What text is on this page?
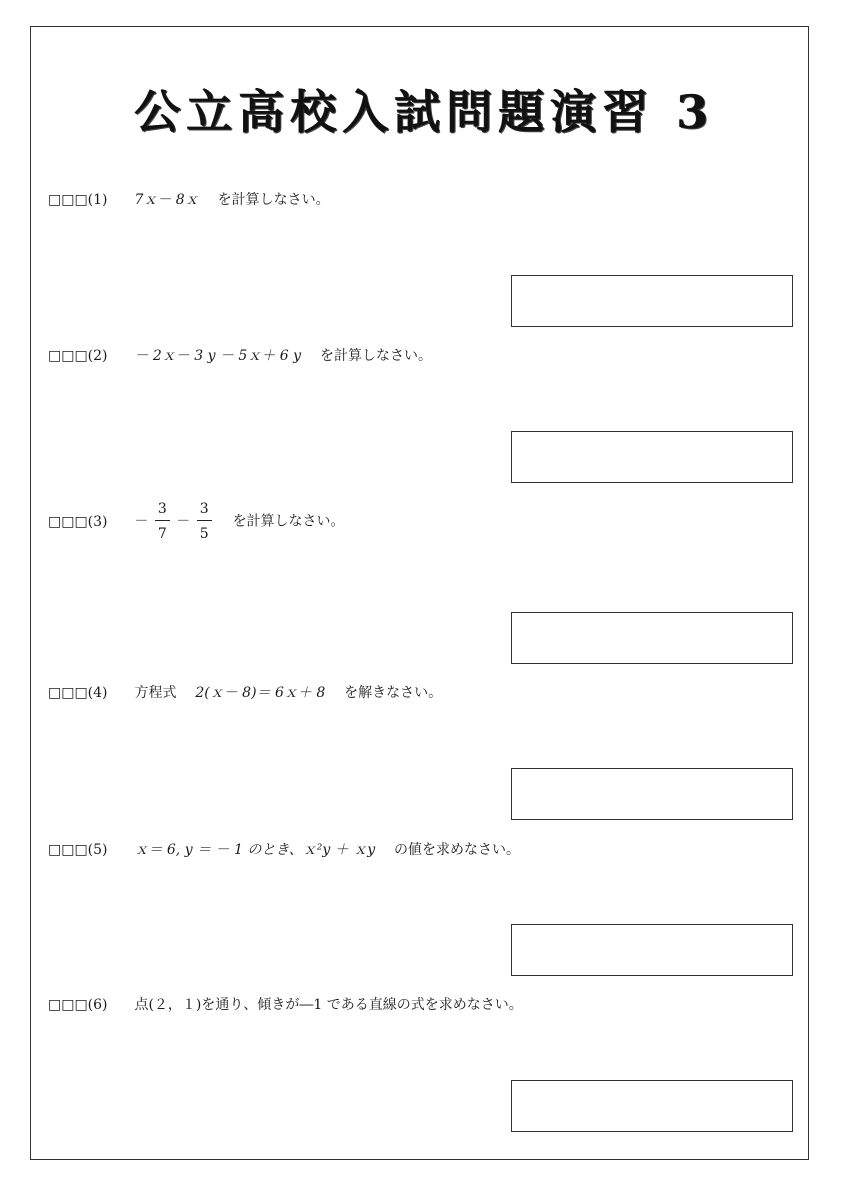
公立高校入試問題演習 3
□□□(1) 7ｘ－ 8ｘ を計算しなさい。
□□□(2) － 2ｘ－ 3 y － 5ｘ＋ 6 y を計算しなさい。
□□□(3) － $\frac{3}{7} - \frac{3}{5}$ を計算しなさい。
□□□(4) 方程式 2(ｘ－ 8)＝ 6ｘ＋ 8 を解きなさい。
□□□(5) ｘ＝ 6, y ＝ － 1 のとき、ｘ²y ＋ ｘy の値を求めなさい。
□□□(6) 点(２，１)を通り、傾きが―1 である直線の式を求めなさい。
